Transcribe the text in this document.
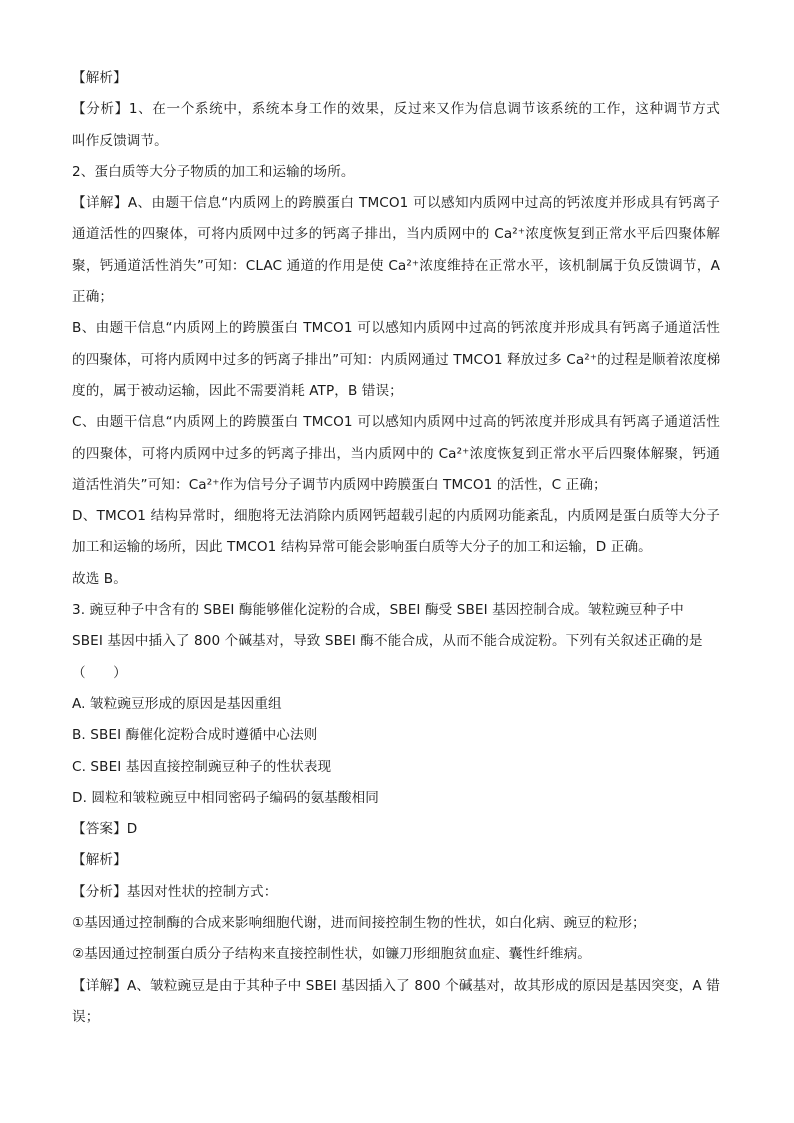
【解析】
【分析】1、在一个系统中，系统本身工作的效果，反过来又作为信息调节该系统的工作，这种调节方式
叫作反馈调节。
2、蛋白质等大分子物质的加工和运输的场所。
【详解】A、由题干信息“内质网上的跨膜蛋白 TMCO1 可以感知内质网中过高的钙浓度并形成具有钙离子
通道活性的四聚体，可将内质网中过多的钙离子排出，当内质网中的 Ca²⁺浓度恢复到正常水平后四聚体解
聚，钙通道活性消失”可知：CLAC 通道的作用是使 Ca²⁺浓度维持在正常水平，该机制属于负反馈调节，A
正确；
B、由题干信息“内质网上的跨膜蛋白 TMCO1 可以感知内质网中过高的钙浓度并形成具有钙离子通道活性
的四聚体，可将内质网中过多的钙离子排出”可知：内质网通过 TMCO1 释放过多 Ca²⁺的过程是顺着浓度梯
度的，属于被动运输，因此不需要消耗 ATP，B 错误；
C、由题干信息“内质网上的跨膜蛋白 TMCO1 可以感知内质网中过高的钙浓度并形成具有钙离子通道活性
的四聚体，可将内质网中过多的钙离子排出，当内质网中的 Ca²⁺浓度恢复到正常水平后四聚体解聚，钙通
道活性消失”可知：Ca²⁺作为信号分子调节内质网中跨膜蛋白 TMCO1 的活性，C 正确；
D、TMCO1 结构异常时，细胞将无法消除内质网钙超载引起的内质网功能紊乱，内质网是蛋白质等大分子
加工和运输的场所，因此 TMCO1 结构异常可能会影响蛋白质等大分子的加工和运输，D 正确。
故选 B。
3. 豌豆种子中含有的 SBEI 酶能够催化淀粉的合成，SBEI 酶受 SBEI 基因控制合成。皱粒豌豆种子中
SBEI 基因中插入了 800 个碱基对，导致 SBEI 酶不能合成，从而不能合成淀粉。下列有关叙述正确的是
（　　）
A. 皱粒豌豆形成的原因是基因重组
B. SBEI 酶催化淀粉合成时遵循中心法则
C. SBEI 基因直接控制豌豆种子的性状表现
D. 圆粒和皱粒豌豆中相同密码子编码的氨基酸相同
【答案】D
【解析】
【分析】基因对性状的控制方式：
①基因通过控制酶的合成来影响细胞代谢，进而间接控制生物的性状，如白化病、豌豆的粒形；
②基因通过控制蛋白质分子结构来直接控制性状，如镰刀形细胞贫血症、囊性纤维病。
【详解】A、皱粒豌豆是由于其种子中 SBEI 基因插入了 800 个碱基对，故其形成的原因是基因突变，A 错
误；
